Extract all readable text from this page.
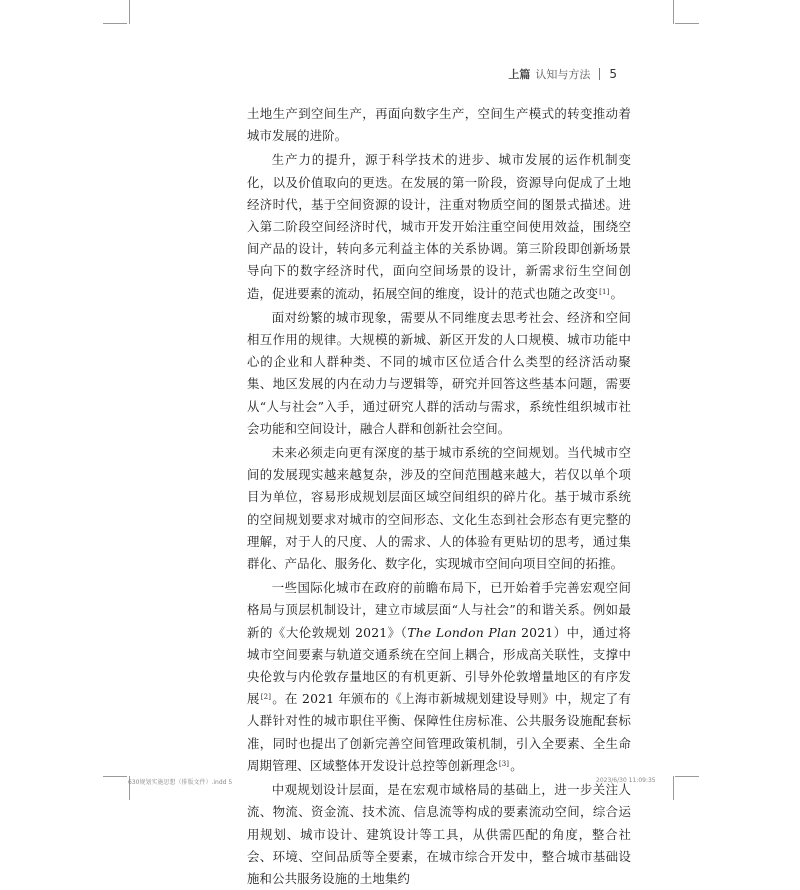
上篇 认知与方法 5

土地生产到空间生产，再面向数字生产，空间生产模式的转变推动着城市发展的进阶。

生产力的提升，源于科学技术的进步、城市发展的运作机制变化，以及价值取向的更迭。在发展的第一阶段，资源导向促成了土地经济时代，基于空间资源的设计，注重对物质空间的图景式描述。进入第二阶段空间经济时代，城市开发开始注重空间使用效益，围绕空间产品的设计，转向多元利益主体的关系协调。第三阶段即创新场景导向下的数字经济时代，面向空间场景的设计，新需求衍生空间创造，促进要素的流动，拓展空间的维度，设计的范式也随之改变[1]。

面对纷繁的城市现象，需要从不同维度去思考社会、经济和空间相互作用的规律。大规模的新城、新区开发的人口规模、城市功能中心的企业和人群种类、不同的城市区位适合什么类型的经济活动聚集、地区发展的内在动力与逻辑等，研究并回答这些基本问题，需要从“人与社会”入手，通过研究人群的活动与需求，系统性组织城市社会功能和空间设计，融合人群和创新社会空间。

未来必须走向更有深度的基于城市系统的空间规划。当代城市空间的发展现实越来越复杂，涉及的空间范围越来越大，若仅以单个项目为单位，容易形成规划层面区域空间组织的碎片化。基于城市系统的空间规划要求对城市的空间形态、文化生态到社会形态有更完整的理解，对于人的尺度、人的需求、人的体验有更贴切的思考，通过集群化、产品化、服务化、数字化，实现城市空间向项目空间的拓推。

一些国际化城市在政府的前瞻布局下，已开始着手完善宏观空间格局与顶层机制设计，建立市域层面“人与社会”的和谐关系。例如最新的《大伦敦规划 2021》（The London Plan 2021）中，通过将城市空间要素与轨道交通系统在空间上耦合，形成高关联性，支撑中央伦敦与内伦敦存量地区的有机更新、引导外伦敦增量地区的有序发展[2]。在 2021 年颁布的《上海市新城规划建设导则》中，规定了有人群针对性的城市职住平衡、保障性住房标准、公共服务设施配套标准，同时也提出了创新完善空间管理政策机制，引入全要素、全生命周期管理、区域整体开发设计总控等创新理念[3]。

中观规划设计层面，是在宏观市域格局的基础上，进一步关注人流、物流、资金流、技术流、信息流等构成的要素流动空间，综合运用规划、城市设计、建筑设计等工具，从供需匹配的角度，整合社会、环境、空间品质等全要素，在城市综合开发中，整合城市基础设施和公共服务设施的土地集约

630规划实施思想（排版文件）.indd 5	2023/6/30 11:09:35
